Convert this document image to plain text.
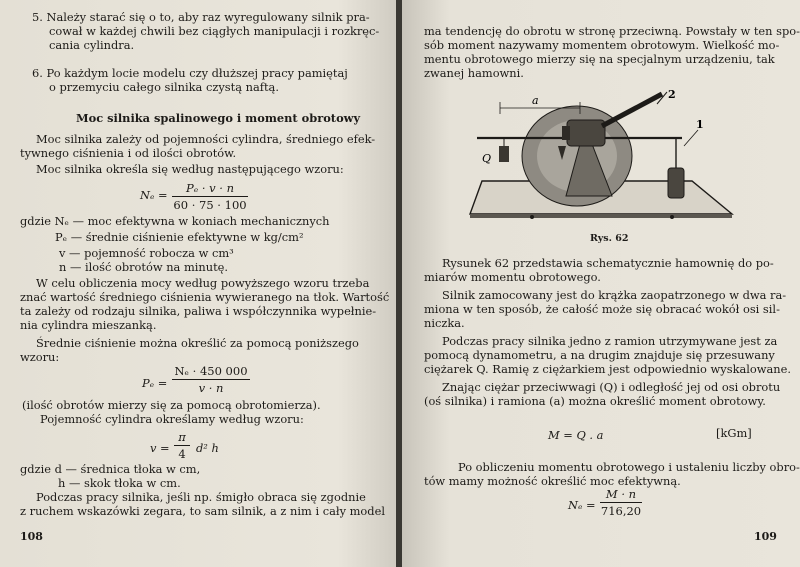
5. Należy starać się o to, aby raz wyregulowany silnik pra-
cował w każdej chwili bez ciągłych manipulacji i rozkręc-
cania cylindra.
6. Po każdym locie modelu czy dłuższej pracy pamiętaj
o przemyciu całego silnika czystą naftą.
Moc silnika spalinowego i moment obrotowy
Moc silnika zależy od pojemności cylindra, średniego efek-
tywnego ciśnienia i od ilości obrotów.
Moc silnika określa się według następującego wzoru:
Nₑ =	Pₑ · v · n
60 · 75 · 100
gdzie Nₑ — moc efektywna w koniach mechanicznych
Pₑ — średnie ciśnienie efektywne w kg/cm²
v — pojemność robocza w cm³
n — ilość obrotów na minutę.
W celu obliczenia mocy według powyższego wzoru trzeba
znać wartość średniego ciśnienia wywieranego na tłok. Wartość
ta zależy od rodzaju silnika, paliwa i współczynnika wypełnie-
nia cylindra mieszanką.
Średnie ciśnienie można określić za pomocą poniższego
wzoru:
Pₑ =
Nₑ · 450 000
v · n
(ilość obrotów mierzy się za pomocą obrotomierza).
Pojemność cylindra określamy według wzoru:
v =
π
4 d² h
gdzie d — średnica tłoka w cm,
h — skok tłoka w cm.
Podczas pracy silnika, jeśli np. śmigło obraca się zgodnie
z ruchem wskazówki zegara, to sam silnik, a z nim i cały model
108
ma tendencję do obrotu w stronę przeciwną. Powstały w ten spo-
sób moment nazywamy momentem obrotowym. Wielkość mo-
mentu obrotowego mierzy się na specjalnym urządzeniu, tak
zwanej hamowni.
a
Q
1
2
Rys. 62
Rysunek 62 przedstawia schematycznie hamownię do po-
miarów momentu obrotowego.
Silnik zamocowany jest do krążka zaopatrzonego w dwa ra-
miona w ten sposób, że całość może się obracać wokół osi sil-
niczka.
Podczas pracy silnika jedno z ramion utrzymywane jest za
pomocą dynamometru, a na drugim znajduje się przesuwany
ciężarek Q. Ramię z ciężarkiem jest odpowiednio wyskalowane.
Znając ciężar przeciwwagi (Q) i odległość jej od osi obrotu
(oś silnika) i ramiona (a) można określić moment obrotowy.
M = Q . a	[kGm]
Po obliczeniu momentu obrotowego i ustaleniu liczby obro-
tów mamy możność określić moc efektywną.
Nₑ =
M · n
716,20
109
